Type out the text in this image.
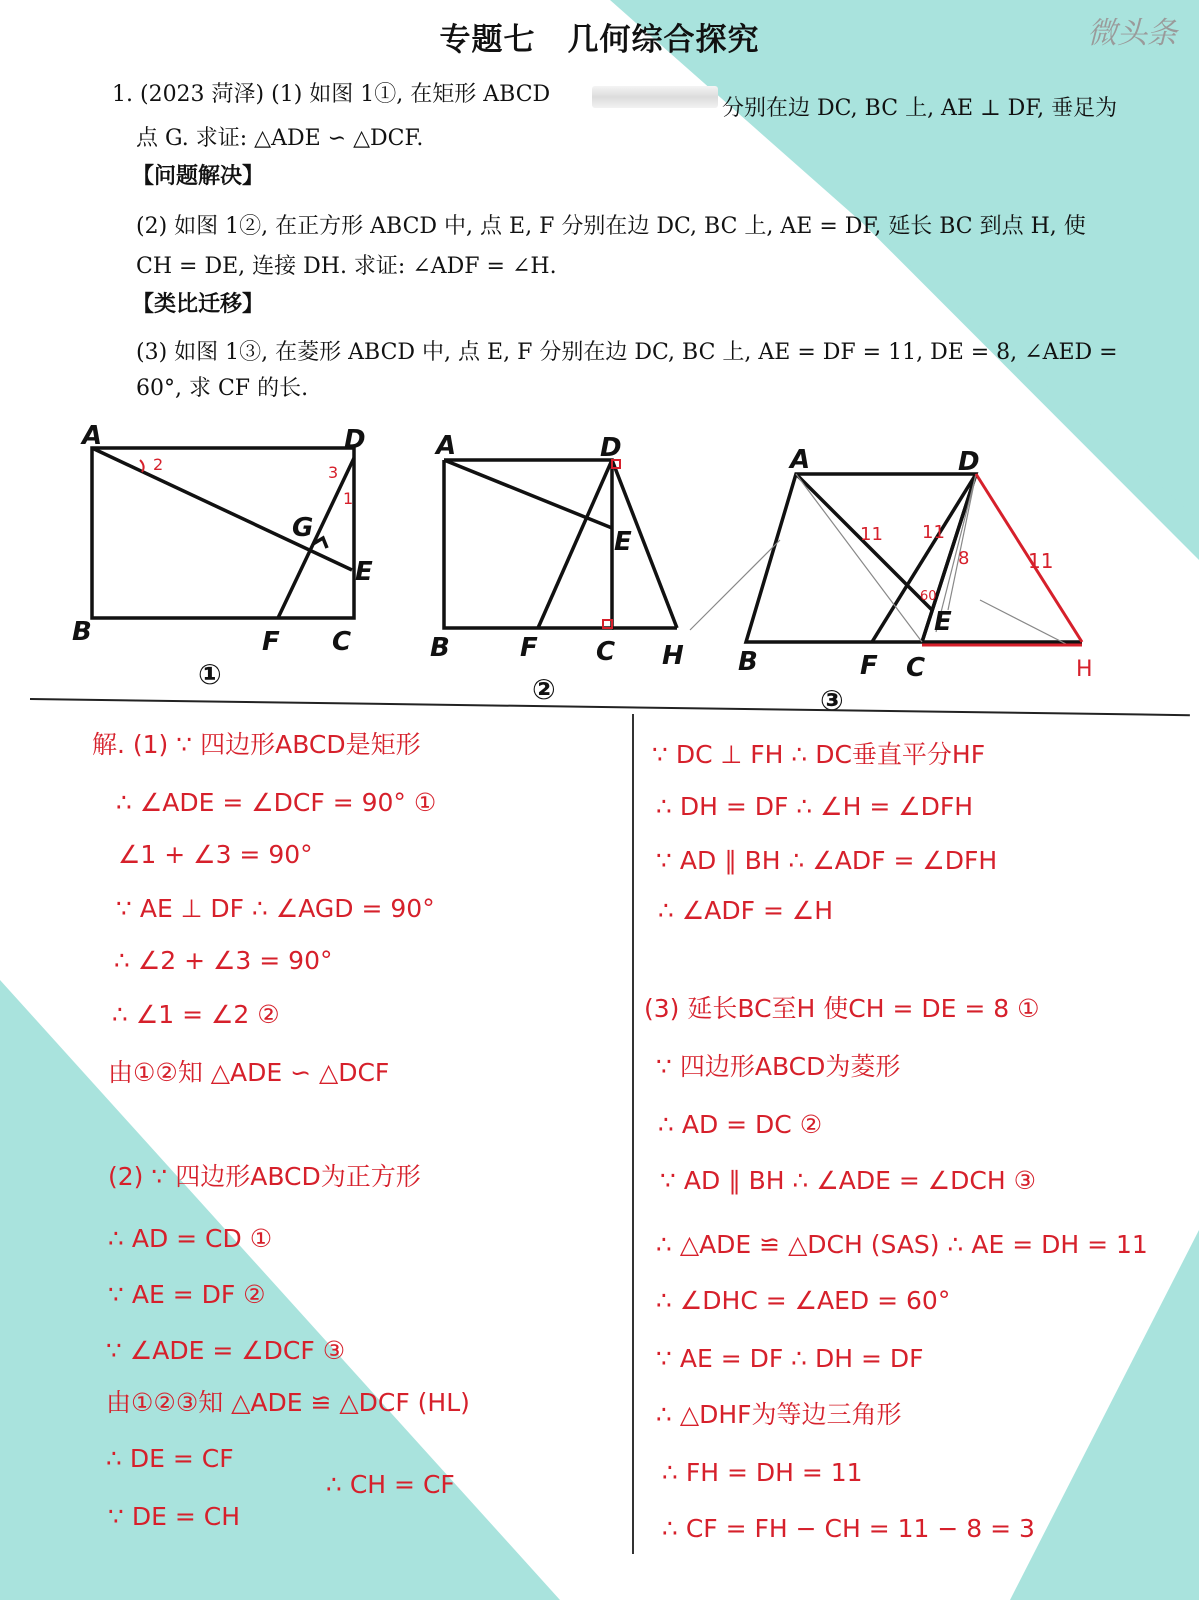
专题七　几何综合探究	微头条
1. (2023 菏泽) (1) 如图 1①, 在矩形 ABCD
分别在边 DC, BC 上, AE ⊥ DF, 垂足为
点 G. 求证: △ADE ∽ △DCF.
【问题解决】
(2) 如图 1②, 在正方形 ABCD 中, 点 E, F 分别在边 DC, BC 上, AE = DF, 延长 BC 到点 H, 使
CH = DE, 连接 DH. 求证: ∠ADF = ∠H.
【类比迁移】
(3) 如图 1③, 在菱形 ABCD 中, 点 E, F 分别在边 DC, BC 上, AE = DF = 11, DE = 8, ∠AED =
60°, 求 CF 的长.
A	D
B	C
E
F
G
2	3
1
①
A	D
B	F C H
E
②
A	D
B	F C
E
11 11
8	11
60
H
③
解. (1) ∵ 四边形ABCD是矩形
∴ ∠ADE = ∠DCF = 90° ①
∠1 + ∠3 = 90°
∵ AE ⊥ DF ∴ ∠AGD = 90°
∴ ∠2 + ∠3 = 90°
∴ ∠1 = ∠2 ②
由①②知 △ADE ∽ △DCF
(2) ∵ 四边形ABCD为正方形
∴ AD = CD ①
∵ AE = DF ②
∵ ∠ADE = ∠DCF ③
由①②③知 △ADE ≌ △DCF (HL)
∴ DE = CF
∴ CH = CF
∵ DE = CH
∵ DC ⊥ FH ∴ DC垂直平分HF
∴ DH = DF ∴ ∠H = ∠DFH
∵ AD ∥ BH ∴ ∠ADF = ∠DFH
∴ ∠ADF = ∠H
(3) 延长BC至H 使CH = DE = 8 ①
∵ 四边形ABCD为菱形
∴ AD = DC ②
∵ AD ∥ BH ∴ ∠ADE = ∠DCH ③
∴ △ADE ≌ △DCH (SAS) ∴ AE = DH = 11
∴ ∠DHC = ∠AED = 60°
∵ AE = DF ∴ DH = DF
∴ △DHF为等边三角形
∴ FH = DH = 11
∴ CF = FH − CH = 11 − 8 = 3
